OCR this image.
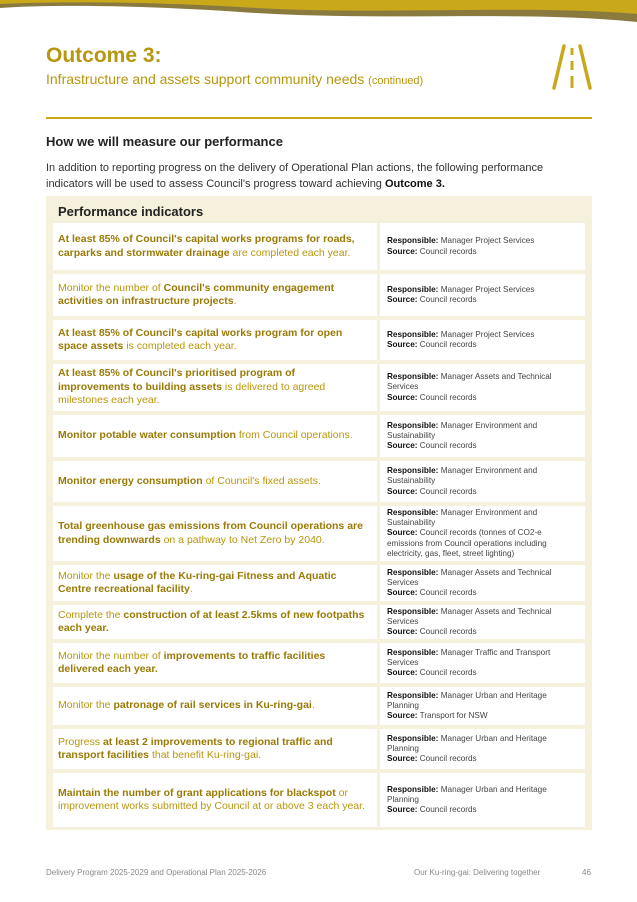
Outcome 3:
Infrastructure and assets support community needs (continued)
How we will measure our performance
In addition to reporting progress on the delivery of Operational Plan actions, the following performance indicators will be used to assess Council's progress toward achieving Outcome 3.
Performance indicators
At least 85% of Council's capital works programs for roads, carparks and stormwater drainage are completed each year.
Responsible: Manager Project Services
Source: Council records
Monitor the number of Council's community engagement activities on infrastructure projects.
Responsible: Manager Project Services
Source: Council records
At least 85% of Council's capital works program for open space assets is completed each year.
Responsible: Manager Project Services
Source: Council records
At least 85% of Council's prioritised program of improvements to building assets is delivered to agreed milestones each year.
Responsible: Manager Assets and Technical Services
Source: Council records
Monitor potable water consumption from Council operations.
Responsible: Manager Environment and Sustainability
Source: Council records
Monitor energy consumption of Council's fixed assets.
Responsible: Manager Environment and Sustainability
Source: Council records
Total greenhouse gas emissions from Council operations are trending downwards on a pathway to Net Zero by 2040.
Responsible: Manager Environment and Sustainability
Source: Council records (tonnes of CO2-e emissions from Council operations including electricity, gas, fleet, street lighting)
Monitor the usage of the Ku-ring-gai Fitness and Aquatic Centre recreational facility.
Responsible: Manager Assets and Technical Services
Source: Council records
Complete the construction of at least 2.5kms of new footpaths each year.
Responsible: Manager Assets and Technical Services
Source: Council records
Monitor the number of improvements to traffic facilities delivered each year.
Responsible: Manager Traffic and Transport Services
Source: Council records
Monitor the patronage of rail services in Ku-ring-gai.
Responsible: Manager Urban and Heritage Planning
Source: Transport for NSW
Progress at least 2 improvements to regional traffic and transport facilities that benefit Ku-ring-gai.
Responsible: Manager Urban and Heritage Planning
Source: Council records
Maintain the number of grant applications for blackspot or improvement works submitted by Council at or above 3 each year.
Responsible: Manager Urban and Heritage Planning
Source: Council records
Delivery Program 2025-2029 and Operational Plan 2025-2026	Our Ku-ring-gai: Delivering together	46
